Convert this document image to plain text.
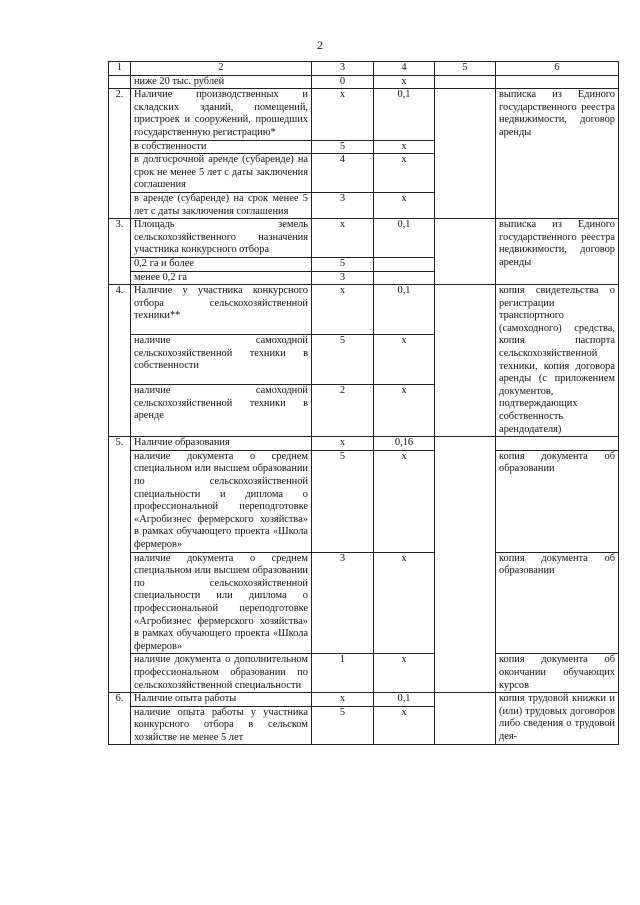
2
1	2	3	4	5	6
	ниже 20 тыс. рублей	0	х		
2.	Наличие производственных и складских зданий, помещений, пристроек и сооружений, прошедших государственную регистрацию*	х	0,1		выписка из Единого государственного реестра недвижимости, договор аренды
	в собственности	5	х		
	в долгосрочной аренде (субаренде) на срок не менее 5 лет с даты заключения соглашения	4	х		
	в аренде (субаренде) на срок менее 5 лет с даты заключения соглашения	3	х		
3.	Площадь земель сельскохозяйственного назначения участника конкурсного отбора	х	0,1		выписка из Единого государственного реестра недвижимости, договор аренды
	0,2 га и более	5			
	менее 0,2 га	3			
4.	Наличие у участника конкурсного отбора сельскохозяйственной техники**	х	0,1		копия свидетельства о регистрации транспортного (самоходного) средства, копия паспорта сельскохозяйственной техники, копия договора аренды (с приложением документов, подтверждающих собственность арендодателя)
	наличие самоходной сельскохозяйственной техники в собственности	5	х		
	наличие самоходной сельскохозяйственной техники в аренде	2	х		
5.	Наличие образования	х	0,16		
	наличие документа о среднем специальном или высшем образовании по сельскохозяйственной специальности и диплома о профессиональной переподготовке «Агробизнес фермерского хозяйства» в рамках обучающего проекта «Школа фермеров»	5	х		копия документа об образовании
	наличие документа о среднем специальном или высшем образовании по сельскохозяйственной специальности или диплома о профессиональной переподготовке «Агробизнес фермерского хозяйства» в рамках обучающего проекта «Школа фермеров»	3	х		копия документа об образовании
	наличие документа о дополнительном профессиональном образовании по сельскохозяйственной специальности	1	х		копия документа об окончании обучающих курсов
6.	Наличие опыта работы	х	0,1		копия трудовой книжки и (или) трудовых договоров либо сведения о трудовой дея-
	наличие опыта работы у участника конкурсного отбора в сельском хозяйстве не менее 5 лет	5	х		
